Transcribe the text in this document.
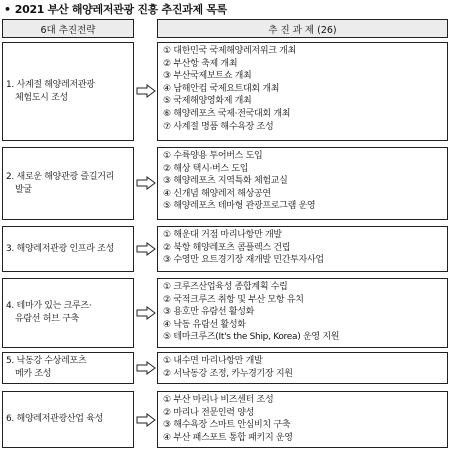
• 2021 부산 해양레저관광 진흥 추진과제 목록
6대 추진전략	추 진 과 제 (26)
1. 사계절 해양레저관광
체험도시 조성
① 대한민국 국제해양레저위크 개최
② 부산항 축제 개최
③ 부산국제보트쇼 개최
④ 남해안컵 국제요트대회 개최
⑤ 국제해양영화제 개최
⑥ 해양레포츠 국제·전국대회 개최
⑦ 사계절 명품 해수욕장 조성
2. 새로운 해양관광 즐길거리
발굴
① 수륙양용 투어버스 도입
② 해상 택시·버스 도입
③ 해양레포츠 지역특화 체험교실
④ 신개념 해양레저 해상공연
⑤ 해양레포츠 테마형 관광프로그램 운영
3. 해양레저관광 인프라 조성
① 해운대 거점 마리나항만 개발
② 북항 해양레포츠 콤플렉스 건립
③ 수영만 요트경기장 재개발 민간투자사업
4. 테마가 있는 크루즈·
유람선 허브 구축
① 크루즈산업육성 종합계획 수립
② 국적크루즈 취항 및 부산 모항 유치
③ 용호만 유람선 활성화
④ 낙동 유람선 활성화
⑤ 테마크루즈(It's the Ship, Korea) 운영 지원
5. 낙동강 수상레포츠
메카 조성
① 내수면 마리나항만 개발
② 서낙동강 조정, 카누경기장 지원
6. 해양레저관광산업 육성
① 부산 마리나 비즈센터 조성
② 마리나 전문인력 양성
③ 해수욕장 스마트 안심비치 구축
④ 부산 패스포트 통합 패키지 운영
